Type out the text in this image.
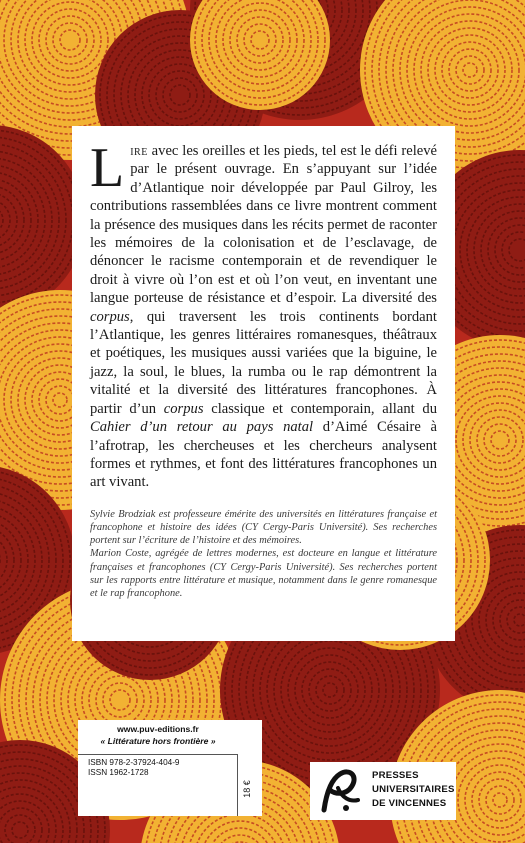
Lire avec les oreilles et les pieds, tel est le défi relevé par le présent ouvrage. En s’appuyant sur l’idée d’Atlantique noir développée par Paul Gilroy, les contributions rassemblées dans ce livre montrent comment la présence des musiques dans les récits permet de raconter les mémoires de la colonisation et de l’esclavage, de dénoncer le racisme contemporain et de revendiquer le droit à vivre où l’on est et où l’on veut, en inventant une langue porteuse de résistance et d’espoir. La diversité des corpus, qui traversent les trois continents bordant l’Atlantique, les genres littéraires romanesques, théâtraux et poétiques, les musiques aussi variées que la biguine, le jazz, la soul, le blues, la rumba ou le rap démontrent la vitalité et la diversité des littératures francophones. À partir d’un corpus classique et contemporain, allant du Cahier d’un retour au pays natal d’Aimé Césaire à l’afrotrap, les chercheuses et les chercheurs analysent formes et rythmes, et font des littératures francophones un art vivant.

Sylvie Brodziak est professeure émérite des universités en littératures française et francophone et histoire des idées (CY Cergy-Paris Université). Ses recherches portent sur l’écriture de l’histoire et des mémoires.

Marion Coste, agrégée de lettres modernes, est docteure en langue et littérature françaises et francophones (CY Cergy-Paris Université). Ses recherches portent sur les rapports entre littérature et musique, notamment dans le genre romanesque et le rap francophone.

www.puv-editions.fr
« Littérature hors frontière »
ISBN 978-2-37924-404-9
ISSN 1962-1728
18 €
PRESSES
UNIVERSITAIRES
DE VINCENNES
